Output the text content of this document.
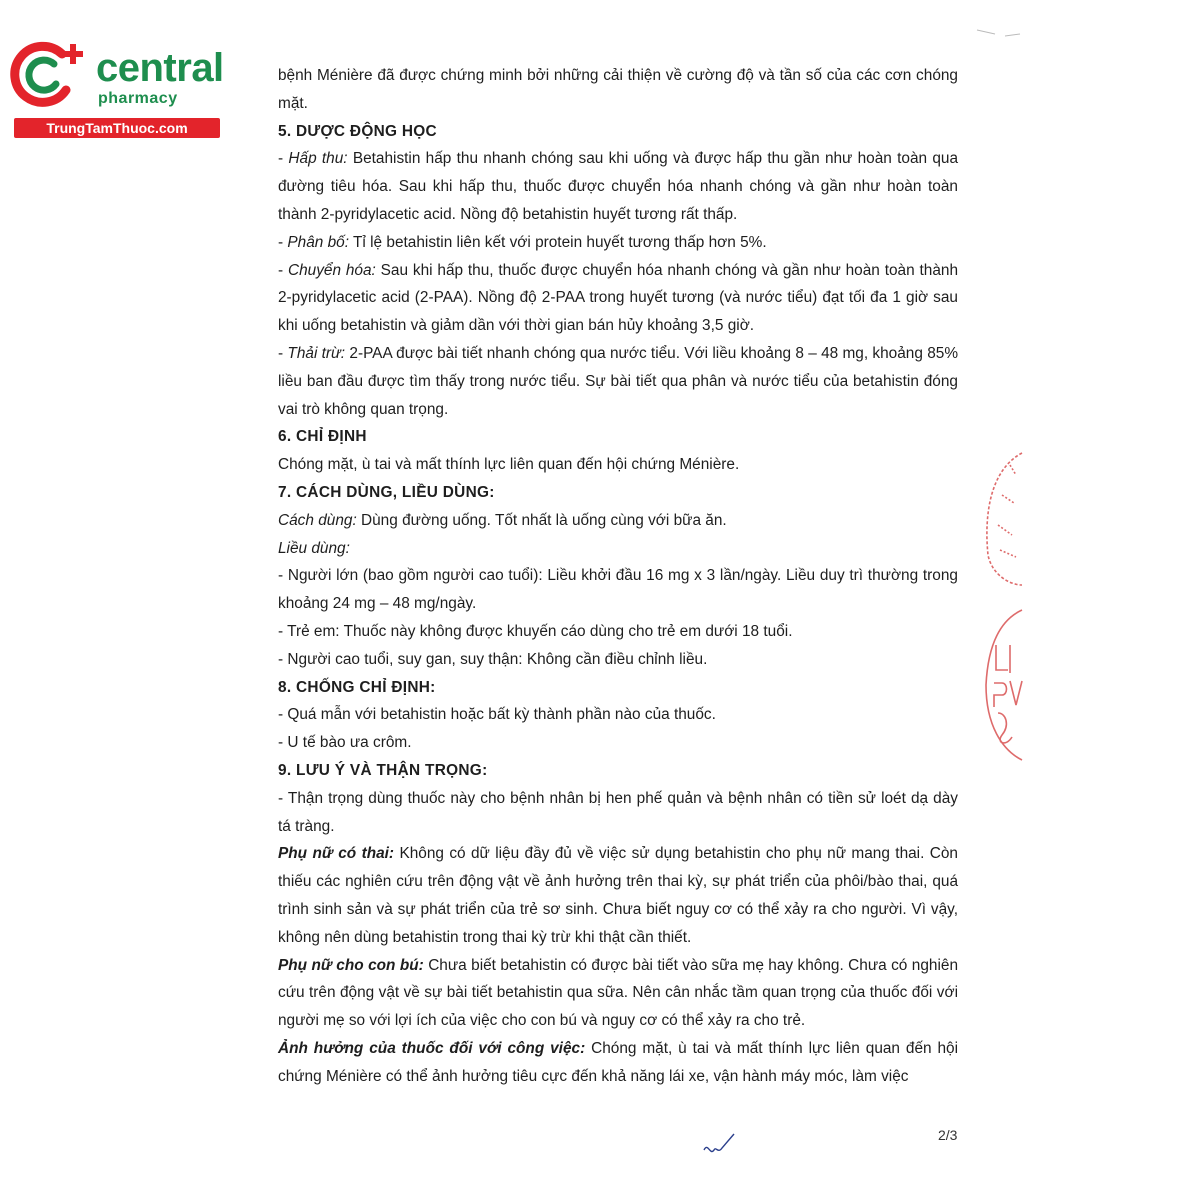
central
pharmacy
TrungTamThuoc.com

bệnh Ménière đã được chứng minh bởi những cải thiện về cường độ và tần số của các cơn chóng mặt.

5. DƯỢC ĐỘNG HỌC

- Hấp thu: Betahistin hấp thu nhanh chóng sau khi uống và được hấp thu gần như hoàn toàn qua đường tiêu hóa. Sau khi hấp thu, thuốc được chuyển hóa nhanh chóng và gần như hoàn toàn thành 2-pyridylacetic acid. Nồng độ betahistin huyết tương rất thấp.

- Phân bố: Tỉ lệ betahistin liên kết với protein huyết tương thấp hơn 5%.

- Chuyển hóa: Sau khi hấp thu, thuốc được chuyển hóa nhanh chóng và gần như hoàn toàn thành 2-pyridylacetic acid (2-PAA). Nồng độ 2-PAA trong huyết tương (và nước tiểu) đạt tối đa 1 giờ sau khi uống betahistin và giảm dần với thời gian bán hủy khoảng 3,5 giờ.

- Thải trừ: 2-PAA được bài tiết nhanh chóng qua nước tiểu. Với liều khoảng 8 – 48 mg, khoảng 85% liều ban đầu được tìm thấy trong nước tiểu. Sự bài tiết qua phân và nước tiểu của betahistin đóng vai trò không quan trọng.

6. CHỈ ĐỊNH

Chóng mặt, ù tai và mất thính lực liên quan đến hội chứng Ménière.

7. CÁCH DÙNG, LIỀU DÙNG:

Cách dùng: Dùng đường uống. Tốt nhất là uống cùng với bữa ăn.

Liều dùng:

- Người lớn (bao gồm người cao tuổi): Liều khởi đầu 16 mg x 3 lần/ngày. Liều duy trì thường trong khoảng 24 mg – 48 mg/ngày.

- Trẻ em: Thuốc này không được khuyến cáo dùng cho trẻ em dưới 18 tuổi.

- Người cao tuổi, suy gan, suy thận: Không cần điều chỉnh liều.

8. CHỐNG CHỈ ĐỊNH:

- Quá mẫn với betahistin hoặc bất kỳ thành phần nào của thuốc.

- U tế bào ưa crôm.

9. LƯU Ý VÀ THẬN TRỌNG:

- Thận trọng dùng thuốc này cho bệnh nhân bị hen phế quản và bệnh nhân có tiền sử loét dạ dày tá tràng.

Phụ nữ có thai: Không có dữ liệu đầy đủ về việc sử dụng betahistin cho phụ nữ mang thai. Còn thiếu các nghiên cứu trên động vật về ảnh hưởng trên thai kỳ, sự phát triển của phôi/bào thai, quá trình sinh sản và sự phát triển của trẻ sơ sinh. Chưa biết nguy cơ có thể xảy ra cho người. Vì vậy, không nên dùng betahistin trong thai kỳ trừ khi thật cần thiết.

Phụ nữ cho con bú: Chưa biết betahistin có được bài tiết vào sữa mẹ hay không. Chưa có nghiên cứu trên động vật về sự bài tiết betahistin qua sữa. Nên cân nhắc tầm quan trọng của thuốc đối với người mẹ so với lợi ích của việc cho con bú và nguy cơ có thể xảy ra cho trẻ.

Ảnh hưởng của thuốc đối với công việc: Chóng mặt, ù tai và mất thính lực liên quan đến hội chứng Ménière có thể ảnh hưởng tiêu cực đến khả năng lái xe, vận hành máy móc, làm việc

2/3
